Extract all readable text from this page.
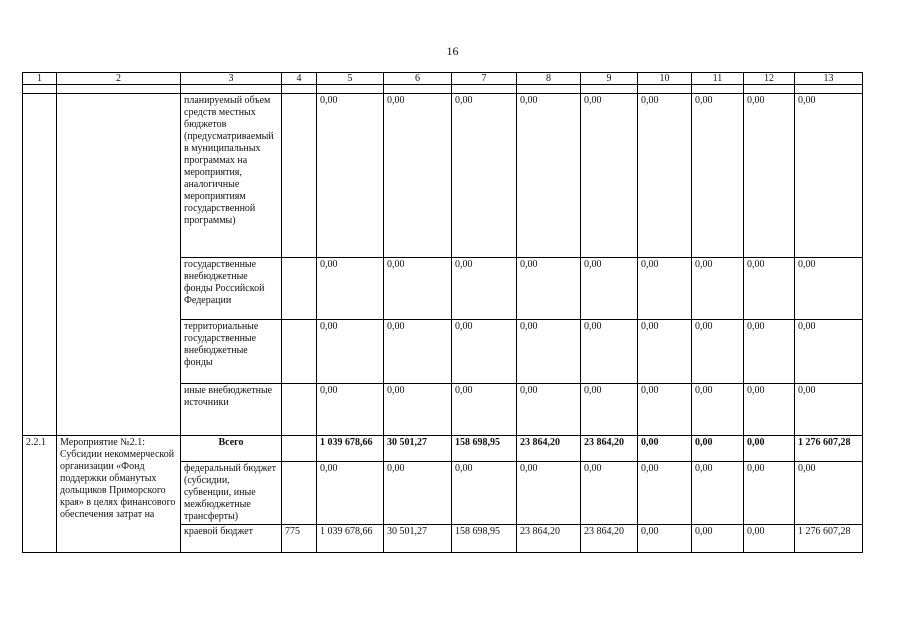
16
1	2	3	4	5	6	7	8	9	10	11	12	13

		планируемый объем средств местных бюджетов (предусматриваемый в муниципальных программах на мероприятия, аналогичные мероприятиям государственной программы)		0,00	0,00	0,00	0,00	0,00	0,00	0,00	0,00	0,00
		государственные внебюджетные фонды Российской Федерации		0,00	0,00	0,00	0,00	0,00	0,00	0,00	0,00	0,00
		территориальные государственные внебюджетные фонды		0,00	0,00	0,00	0,00	0,00	0,00	0,00	0,00	0,00
		иные внебюджетные источники		0,00	0,00	0,00	0,00	0,00	0,00	0,00	0,00	0,00
2.2.1	Мероприятие №2.1: Субсидии некоммерческой организации «Фонд поддержки обманутых дольщиков Приморского края» в целях финансового обеспечения затрат на	Всего		1 039 678,66	30 501,27	158 698,95	23 864,20	23 864,20	0,00	0,00	0,00	1 276 607,28
		федеральный бюджет (субсидии, субвенции, иные межбюджетные трансферты)		0,00	0,00	0,00	0,00	0,00	0,00	0,00	0,00	0,00
		краевой бюджет	775	1 039 678,66	30 501,27	158 698,95	23 864,20	23 864,20	0,00	0,00	0,00	1 276 607,28
